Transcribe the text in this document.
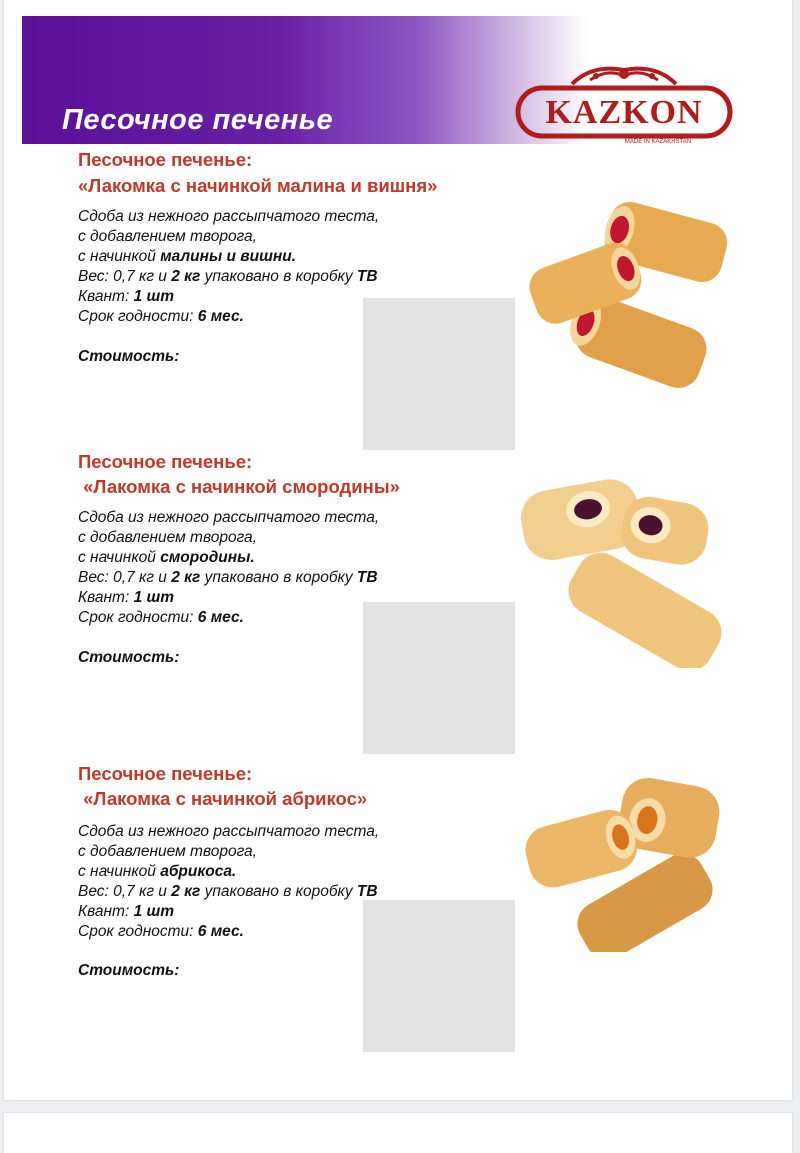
Песочное печенье	KAZKON
MADE IN KAZAKHSTAN
Песочное печенье:
«Лакомка с начинкой малина и вишня»
Сдоба из нежного рассыпчатого теста,
с добавлением творога,
с начинкой малины и вишни.
Вес: 0,7 кг и 2 кг упаковано в коробку ТВ
Квант: 1 шт
Срок годности: 6 мес.
Стоимость:
Песочное печенье:
«Лакомка с начинкой смородины»
Сдоба из нежного рассыпчатого теста,
с добавлением творога,
с начинкой смородины.
Вес: 0,7 кг и 2 кг упаковано в коробку ТВ
Квант: 1 шт
Срок годности: 6 мес.
Стоимость:
Песочное печенье:
«Лакомка с начинкой абрикос»
Сдоба из нежного рассыпчатого теста,
с добавлением творога,
с начинкой абрикоса.
Вес: 0,7 кг и 2 кг упаковано в коробку ТВ
Квант: 1 шт
Срок годности: 6 мес.
Стоимость:
